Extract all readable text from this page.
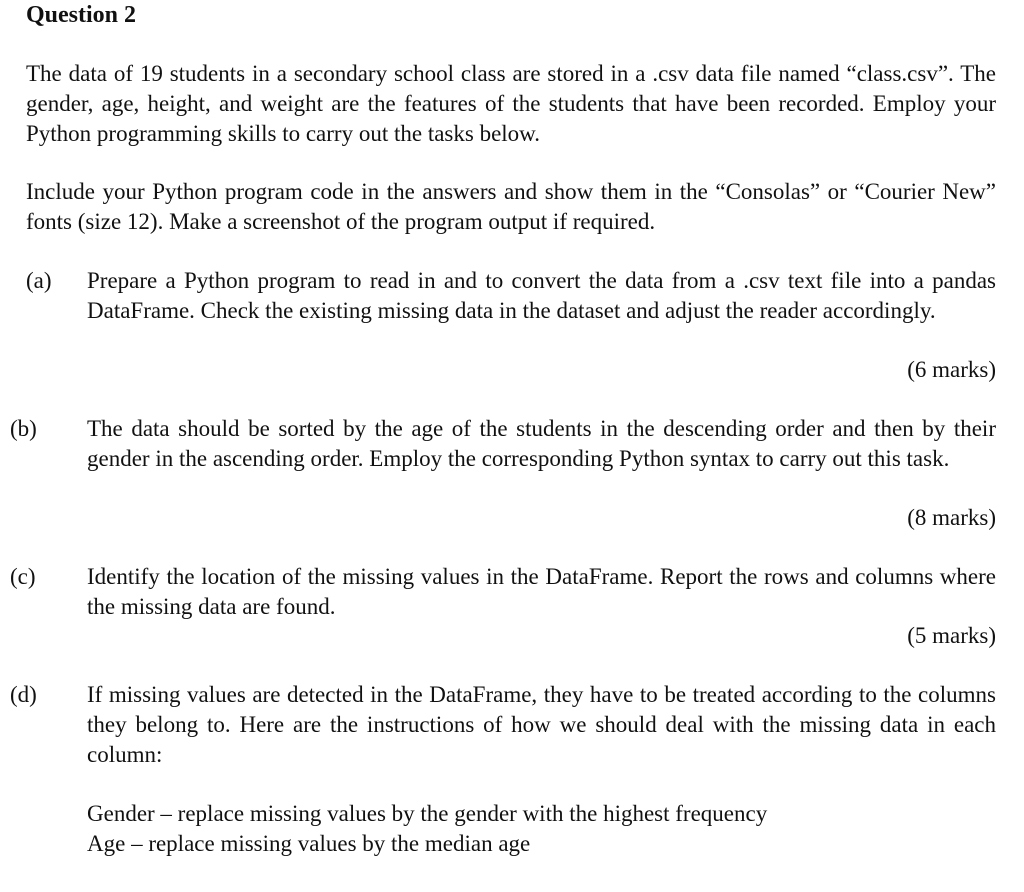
Question 2
The data of 19 students in a secondary school class are stored in a .csv data file named “class.csv”. The gender, age, height, and weight are the features of the students that have been recorded. Employ your Python programming skills to carry out the tasks below.
Include your Python program code in the answers and show them in the “Consolas” or “Courier New” fonts (size 12). Make a screenshot of the program output if required.
(a) Prepare a Python program to read in and to convert the data from a .csv text file into a pandas DataFrame. Check the existing missing data in the dataset and adjust the reader accordingly.
(6 marks)
(b) The data should be sorted by the age of the students in the descending order and then by their gender in the ascending order. Employ the corresponding Python syntax to carry out this task.
(8 marks)
(c) Identify the location of the missing values in the DataFrame. Report the rows and columns where the missing data are found.
(5 marks)
(d) If missing values are detected in the DataFrame, they have to be treated according to the columns they belong to. Here are the instructions of how we should deal with the missing data in each column:
Gender – replace missing values by the gender with the highest frequency
Age – replace missing values by the median age
